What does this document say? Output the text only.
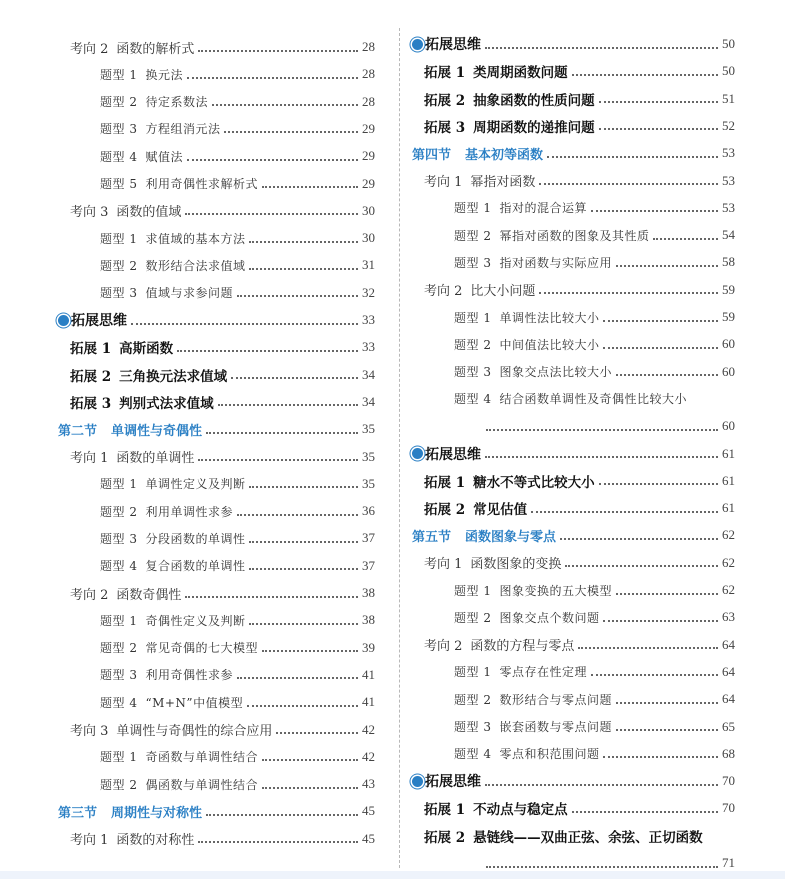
考向 2 函数的解析式	28
题型 1 换元法	28
题型 2 待定系数法	28
题型 3 方程组消元法	29
题型 4 赋值法	29
题型 5 利用奇偶性求解析式	29
考向 3 函数的值域	30
题型 1 求值域的基本方法	30
题型 2 数形结合法求值域	31
题型 3 值域与求参问题	32
拓展思维	33
拓展 1 高斯函数	33
拓展 2 三角换元法求值域	34
拓展 3 判别式法求值域	34
第二节 单调性与奇偶性	35
考向 1 函数的单调性	35
题型 1 单调性定义及判断	35
题型 2 利用单调性求参	36
题型 3 分段函数的单调性	37
题型 4 复合函数的单调性	37
考向 2 函数奇偶性	38
题型 1 奇偶性定义及判断	38
题型 2 常见奇偶的七大模型	39
题型 3 利用奇偶性求参	41
题型 4 “M+N”中值模型	41
考向 3 单调性与奇偶性的综合应用	42
题型 1 奇函数与单调性结合	42
题型 2 偶函数与单调性结合	43
第三节 周期性与对称性	45
考向 1 函数的对称性	45
拓展思维	50
拓展 1 类周期函数问题	50
拓展 2 抽象函数的性质问题	51
拓展 3 周期函数的递推问题	52
第四节 基本初等函数	53
考向 1 幂指对函数	53
题型 1 指对的混合运算	53
题型 2 幂指对函数的图象及其性质	54
题型 3 指对函数与实际应用	58
考向 2 比大小问题	59
题型 1 单调性法比较大小	59
题型 2 中间值法比较大小	60
题型 3 图象交点法比较大小	60
题型 4 结合函数单调性及奇偶性比较大小
60
拓展思维	61
拓展 1 糖水不等式比较大小	61
拓展 2 常见估值	61
第五节 函数图象与零点	62
考向 1 函数图象的变换	62
题型 1 图象变换的五大模型	62
题型 2 图象交点个数问题	63
考向 2 函数的方程与零点	64
题型 1 零点存在性定理	64
题型 2 数形结合与零点问题	64
题型 3 嵌套函数与零点问题	65
题型 4 零点和积范围问题	68
拓展思维	70
拓展 1 不动点与稳定点	70
拓展 2 悬链线——双曲正弦、余弦、正切函数
71
